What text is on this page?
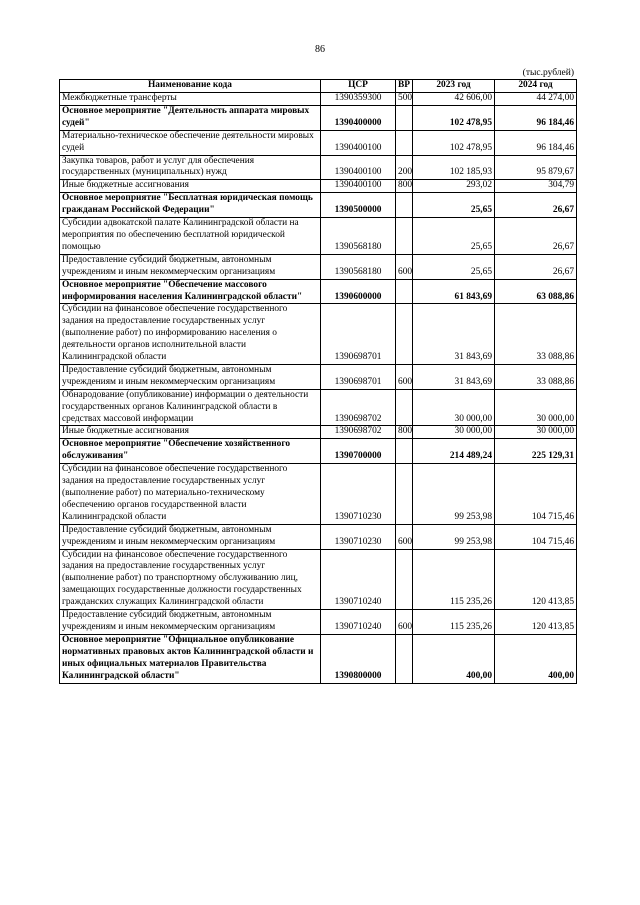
86
(тыс.рублей)
Наименование кода	ЦСР	ВР	2023 год	2024 год
Межбюджетные трансферты	1390359300	500	42 606,00	44 274,00
Основное мероприятие "Деятельность аппарата мировых судей"	1390400000		102 478,95	96 184,46
Материально-техническое обеспечение деятельности мировых судей	1390400100		102 478,95	96 184,46
Закупка товаров, работ и услуг для обеспечения государственных (муниципальных) нужд	1390400100	200	102 185,93	95 879,67
Иные бюджетные ассигнования	1390400100	800	293,02	304,79
Основное мероприятие "Бесплатная юридическая помощь гражданам Российской Федерации"	1390500000		25,65	26,67
Субсидии адвокатской палате Калининградской области на мероприятия по обеспечению бесплатной юридической помощью	1390568180		25,65	26,67
Предоставление субсидий бюджетным, автономным учреждениям и иным некоммерческим организациям	1390568180	600	25,65	26,67
Основное мероприятие "Обеспечение массового информирования населения Калининградской области"	1390600000		61 843,69	63 088,86
Субсидии на финансовое обеспечение государственного задания на предоставление государственных услуг (выполнение работ) по информированию населения о деятельности органов исполнительной власти Калининградской области	1390698701		31 843,69	33 088,86
Предоставление субсидий бюджетным, автономным учреждениям и иным некоммерческим организациям	1390698701	600	31 843,69	33 088,86
Обнародование (опубликование) информации о деятельности государственных органов Калининградской области в средствах массовой информации	1390698702		30 000,00	30 000,00
Иные бюджетные ассигнования	1390698702	800	30 000,00	30 000,00
Основное мероприятие "Обеспечение хозяйственного обслуживания"	1390700000		214 489,24	225 129,31
Субсидии на финансовое обеспечение государственного задания на предоставление государственных услуг (выполнение работ) по материально-техническому обеспечению органов государственной власти Калининградской области	1390710230		99 253,98	104 715,46
Предоставление субсидий бюджетным, автономным учреждениям и иным некоммерческим организациям	1390710230	600	99 253,98	104 715,46
Субсидии на финансовое обеспечение государственного задания на предоставление государственных услуг (выполнение работ) по транспортному обслуживанию лиц, замещающих государственные должности государственных гражданских служащих Калининградской области	1390710240		115 235,26	120 413,85
Предоставление субсидий бюджетным, автономным учреждениям и иным некоммерческим организациям	1390710240	600	115 235,26	120 413,85
Основное мероприятие "Официальное опубликование нормативных правовых актов Калининградской области и иных официальных материалов Правительства Калининградской области"	1390800000		400,00	400,00
